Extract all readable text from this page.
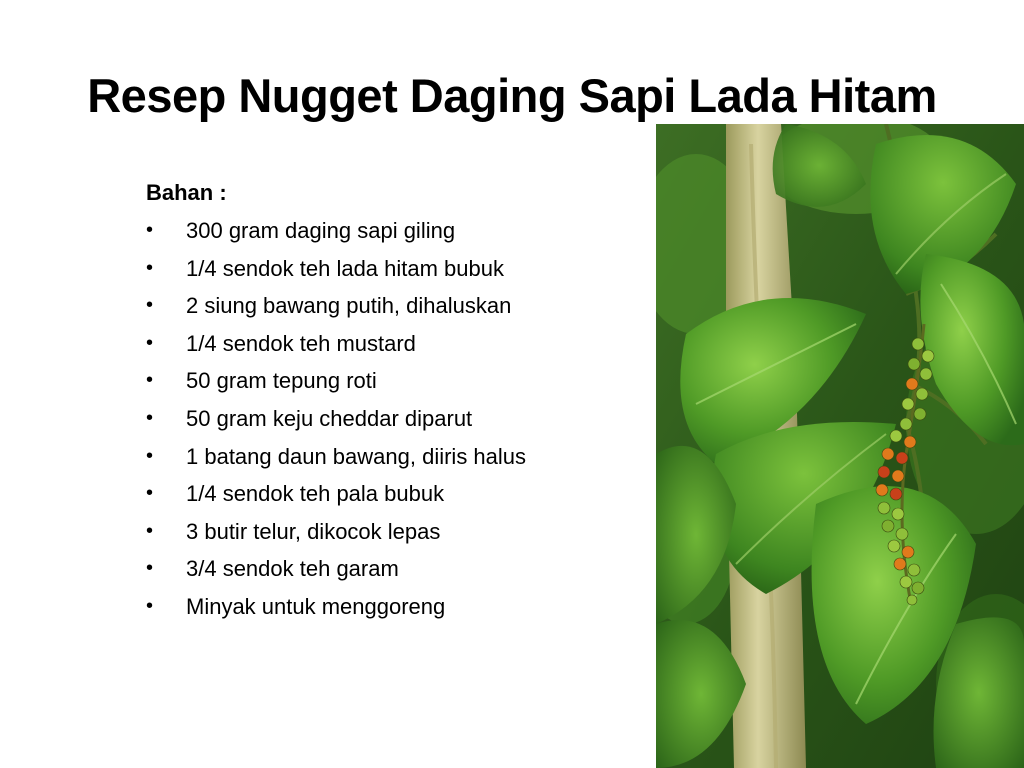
Resep Nugget Daging Sapi Lada Hitam

Bahan :

• 300 gram daging sapi giling
• 1/4 sendok teh lada hitam bubuk
• 2 siung bawang putih, dihaluskan
• 1/4 sendok teh mustard
• 50 gram tepung roti
• 50 gram keju cheddar diparut
• 1 batang daun bawang, diiris halus
• 1/4 sendok teh pala bubuk
• 3 butir telur, dikocok lepas
• 3/4 sendok teh garam
• Minyak untuk menggoreng
